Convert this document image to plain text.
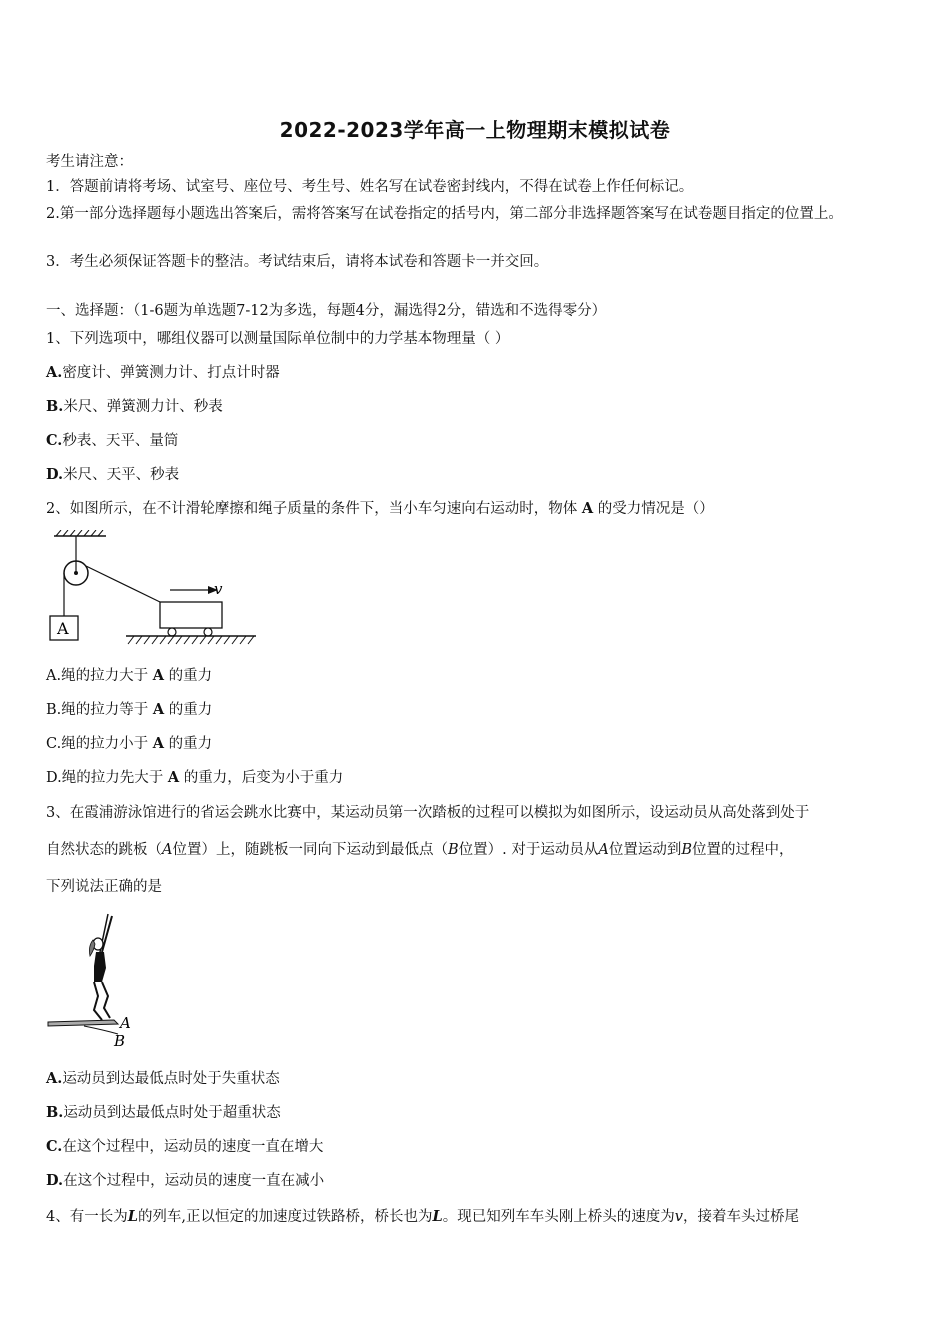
2022-2023学年高一上物理期末模拟试卷
考生请注意：
1．答题前请将考场、试室号、座位号、考生号、姓名写在试卷密封线内，不得在试卷上作任何标记。
2.第一部分选择题每小题选出答案后，需将答案写在试卷指定的括号内，第二部分非选择题答案写在试卷题目指定的位置上。
3．考生必须保证答题卡的整洁。考试结束后，请将本试卷和答题卡一并交回。
一、选择题：（1-6题为单选题7-12为多选，每题4分，漏选得2分，错选和不选得零分）
1、下列选项中，哪组仪器可以测量国际单位制中的力学基本物理量（ ）
A.密度计、弹簧测力计、打点计时器
B.米尺、弹簧测力计、秒表
C.秒表、天平、量筒
D.米尺、天平、秒表
2、如图所示，在不计滑轮摩擦和绳子质量的条件下，当小车匀速向右运动时，物体 A 的受力情况是（）
A
v
A.绳的拉力大于 A 的重力
B.绳的拉力等于 A 的重力
C.绳的拉力小于 A 的重力
D.绳的拉力先大于 A 的重力，后变为小于重力
3、在霞浦游泳馆进行的省运会跳水比赛中，某运动员第一次踏板的过程可以模拟为如图所示，设运动员从高处落到处于
自然状态的跳板（A位置）上，随跳板一同向下运动到最低点（B位置）. 对于运动员从A位置运动到B位置的过程中，
下列说法正确的是
A
B
A.运动员到达最低点时处于失重状态
B.运动员到达最低点时处于超重状态
C.在这个过程中，运动员的速度一直在增大
D.在这个过程中，运动员的速度一直在减小
4、有一长为L的列车,正以恒定的加速度过铁路桥，桥长也为L。现已知列车车头刚上桥头的速度为v，接着车头过桥尾
